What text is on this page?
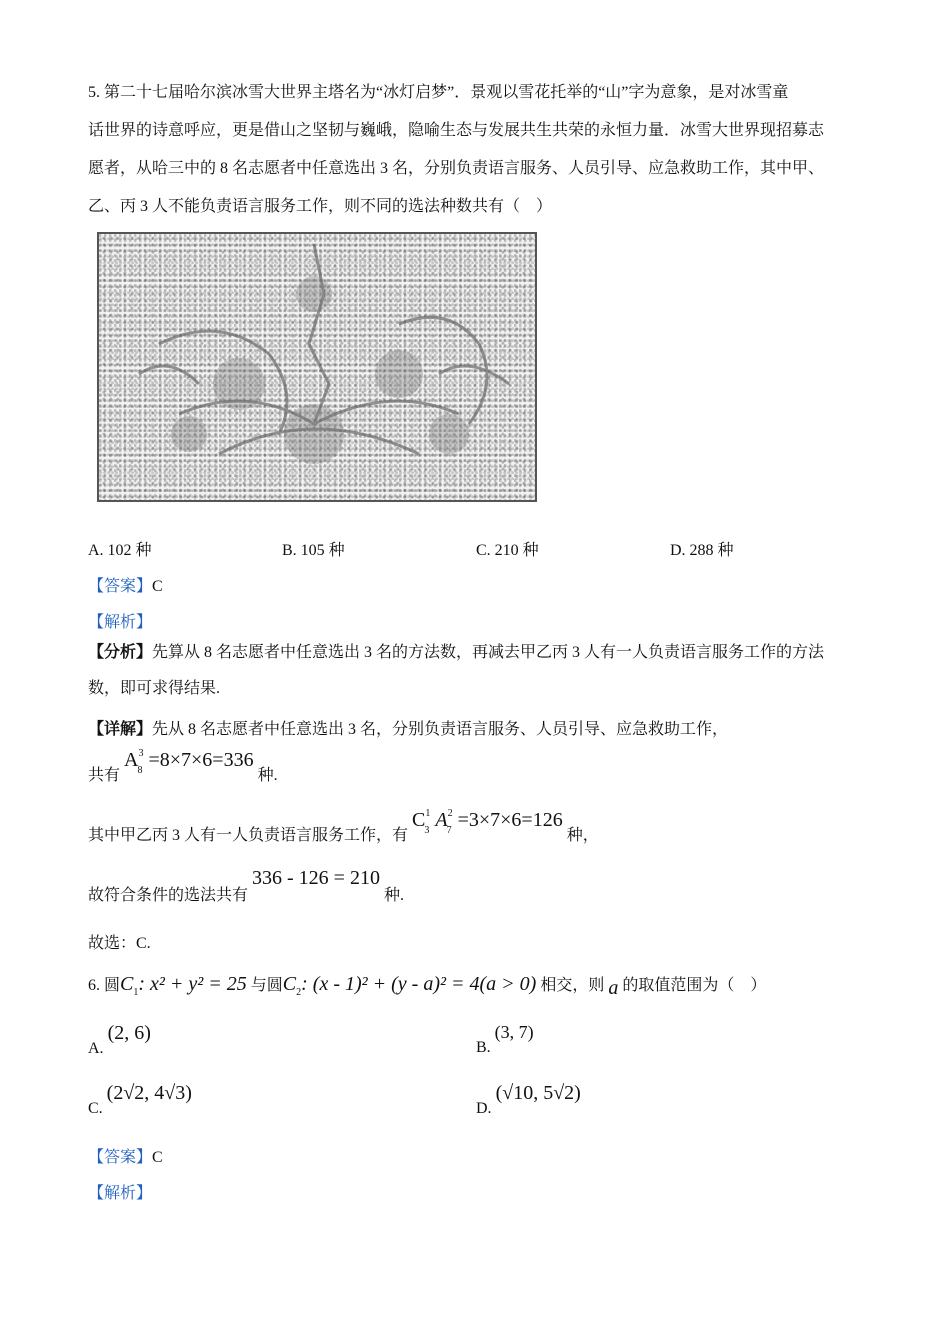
5. 第二十七届哈尔滨冰雪大世界主塔名为“冰灯启梦”．景观以雪花托举的“山”字为意象，是对冰雪童
话世界的诗意呼应，更是借山之坚韧与巍峨，隐喻生态与发展共生共荣的永恒力量．冰雪大世界现招募志
愿者，从哈三中的 8 名志愿者中任意选出 3 名，分别负责语言服务、人员引导、应急救助工作，其中甲、
乙、丙 3 人不能负责语言服务工作，则不同的选法种数共有（　）
A. 102 种	B. 105 种	C. 210 种	D. 288 种
【答案】C
【解析】
【分析】先算从 8 名志愿者中任意选出 3 名的方法数，再减去甲乙丙 3 人有一人负责语言服务工作的方法
数，即可求得结果.
【详解】先从 8 名志愿者中任意选出 3 名，分别负责语言服务、人员引导、应急救助工作，
共有 $A^3_8 =8\times 7\times 6=336$ 种.
其中甲乙丙 3 人有一人负责语言服务工作，有 $C^1_3$ $A^2_7 =3\times 7\times 6=126$ 种，
故符合条件的选法共有 336 - 126 = 210 种.
故选：C.
6. 圆$C_1$: x² + y² = 25 与圆$C_2$: (x - 1)² + (y - a)² = 4(a > 0) 相交，则 a 的取值范围为（　）
A. (2, 6)
B. (3, 7)
C. (2√2, 4√3)
D. (√10, 5√2)
【答案】C
【解析】
